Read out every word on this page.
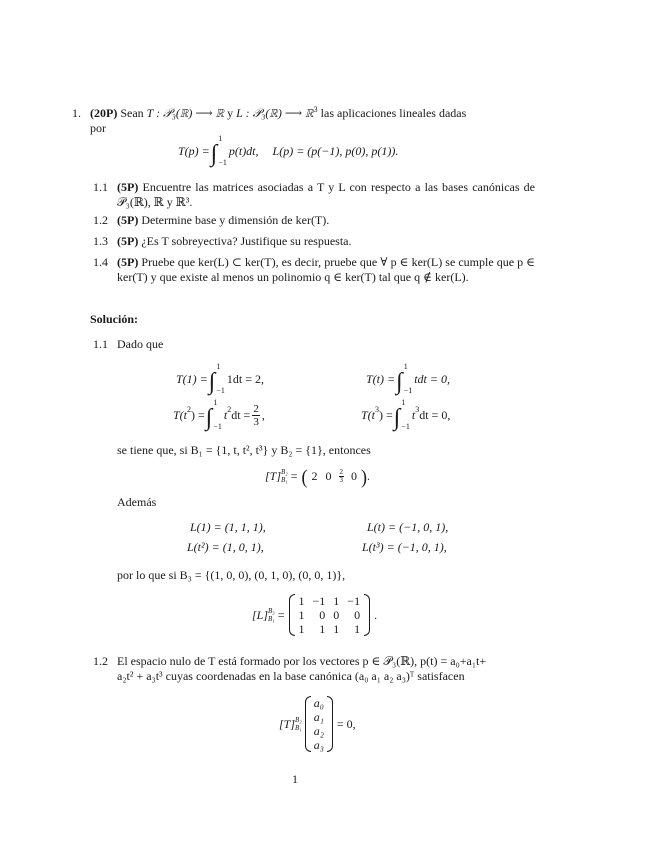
1. (20P) Sean T : 𝒫₃(ℝ) ⟶ ℝ y L : 𝒫₃(ℝ) ⟶ ℝ$^3$ las aplicaciones lineales dadas
por
T(p) = ∫
1
−1
p(t)dt, L(p) = (p(−1), p(0), p(1)).
1.1 (5P) Encuentre las matrices asociadas a T y L con respecto a las bases canónicas de 𝒫₃(ℝ), ℝ y ℝ³.
1.2 (5P) Determine base y dimensión de ker(T).
1.3 (5P) ¿Es T sobreyectiva? Justifique su respuesta.
1.4 (5P) Pruebe que ker(L) ⊂ ker(T), es decir, pruebe que ∀ p ∈ ker(L) se cumple que p ∈ ker(T) y que existe al menos un polinomio q ∈ ker(T) tal que q ∉ ker(L).
Solución:
1.1 Dado que
T(1) = ∫
1
−1
1dt = 2,	T(t) = ∫
1
−1
tdt = 0,
$T(t^2$ ) = ∫
1
−1
$t^2$ dt = $\frac{2}{3}$ ,	$T(t^3$ ) = ∫
1
−1
$t^3$ dt = 0,
se tiene que, si B₁ = {1, t, t², t³} y B₂ = {1}, entonces
[T] B₂
B₁ = ( 2 0 2
3 0 ) .
Además
L(1) = (1, 1, 1),	L(t) = (−1, 0, 1),
L(t²) = (1, 0, 1),	L(t³) = (−1, 0, 1),
por lo que si B₃ = {(1, 0, 0), (0, 1, 0), (0, 0, 1)},
[L] B₃
B₁ =
1	−1	1	−1
1	0	0	0
1	1	1	1
.
1.2 El espacio nulo de T está formado por los vectores p ∈ 𝒫₃(ℝ), p(t) = a₀+a₁t+
a₂t² + a₃t³ cuyas coordenadas en la base canónica (a₀ a₁ a₂ a₃)ᵀ satisfacen
[T] B₂
B₁
a₀
a₁
a₂
a₃
= 0,
1
